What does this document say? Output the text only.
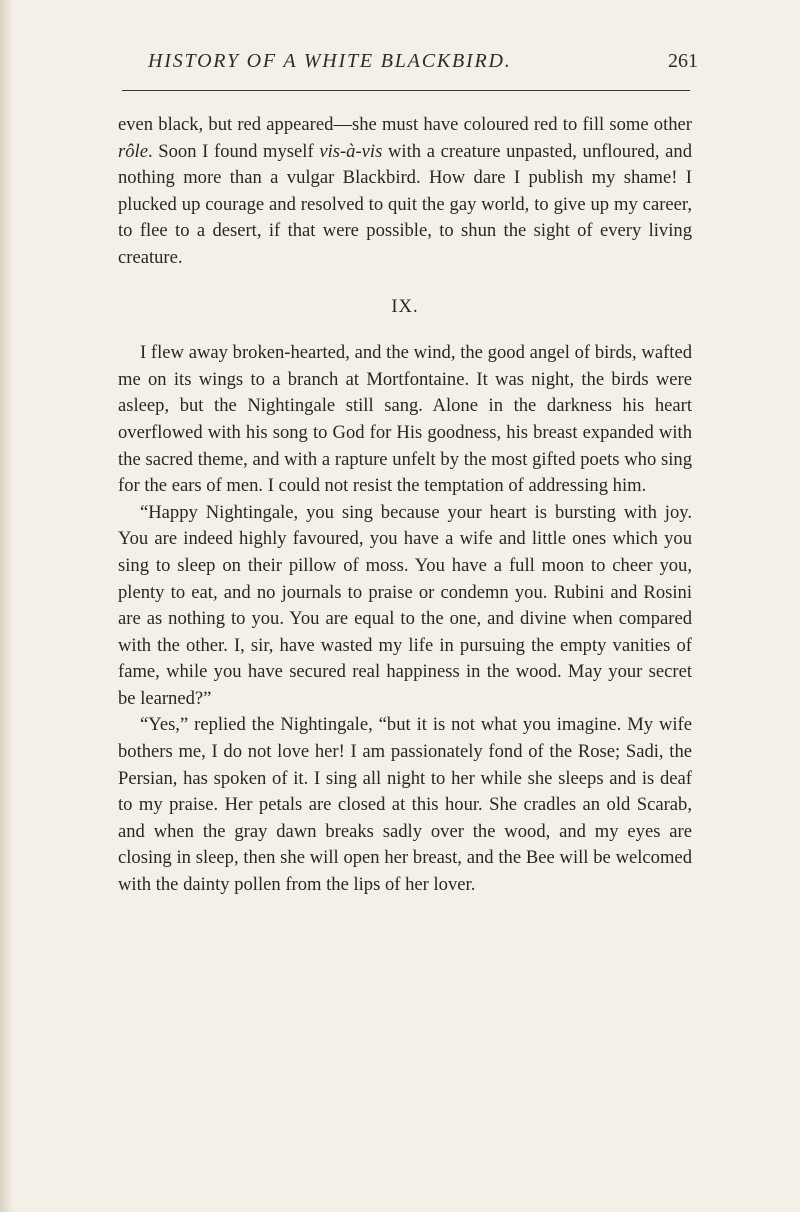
HISTORY OF A WHITE BLACKBIRD.	261

even black, but red appeared—she must have coloured red to fill some other rôle. Soon I found myself vis-à-vis with a creature unpasted, unfloured, and nothing more than a vulgar Blackbird. How dare I publish my shame! I plucked up courage and resolved to quit the gay world, to give up my career, to flee to a desert, if that were possible, to shun the sight of every living creature.

IX.

I flew away broken-hearted, and the wind, the good angel of birds, wafted me on its wings to a branch at Mortfontaine. It was night, the birds were asleep, but the Nightingale still sang. Alone in the darkness his heart overflowed with his song to God for His goodness, his breast expanded with the sacred theme, and with a rapture unfelt by the most gifted poets who sing for the ears of men. I could not resist the temptation of addressing him.

“Happy Nightingale, you sing because your heart is bursting with joy. You are indeed highly favoured, you have a wife and little ones which you sing to sleep on their pillow of moss. You have a full moon to cheer you, plenty to eat, and no journals to praise or condemn you. Rubini and Rosini are as nothing to you. You are equal to the one, and divine when compared with the other. I, sir, have wasted my life in pursuing the empty vanities of fame, while you have secured real happiness in the wood. May your secret be learned?”

“Yes,” replied the Nightingale, “but it is not what you imagine. My wife bothers me, I do not love her! I am passionately fond of the Rose; Sadi, the Persian, has spoken of it. I sing all night to her while she sleeps and is deaf to my praise. Her petals are closed at this hour. She cradles an old Scarab, and when the gray dawn breaks sadly over the wood, and my eyes are closing in sleep, then she will open her breast, and the Bee will be welcomed with the dainty pollen from the lips of her lover.
